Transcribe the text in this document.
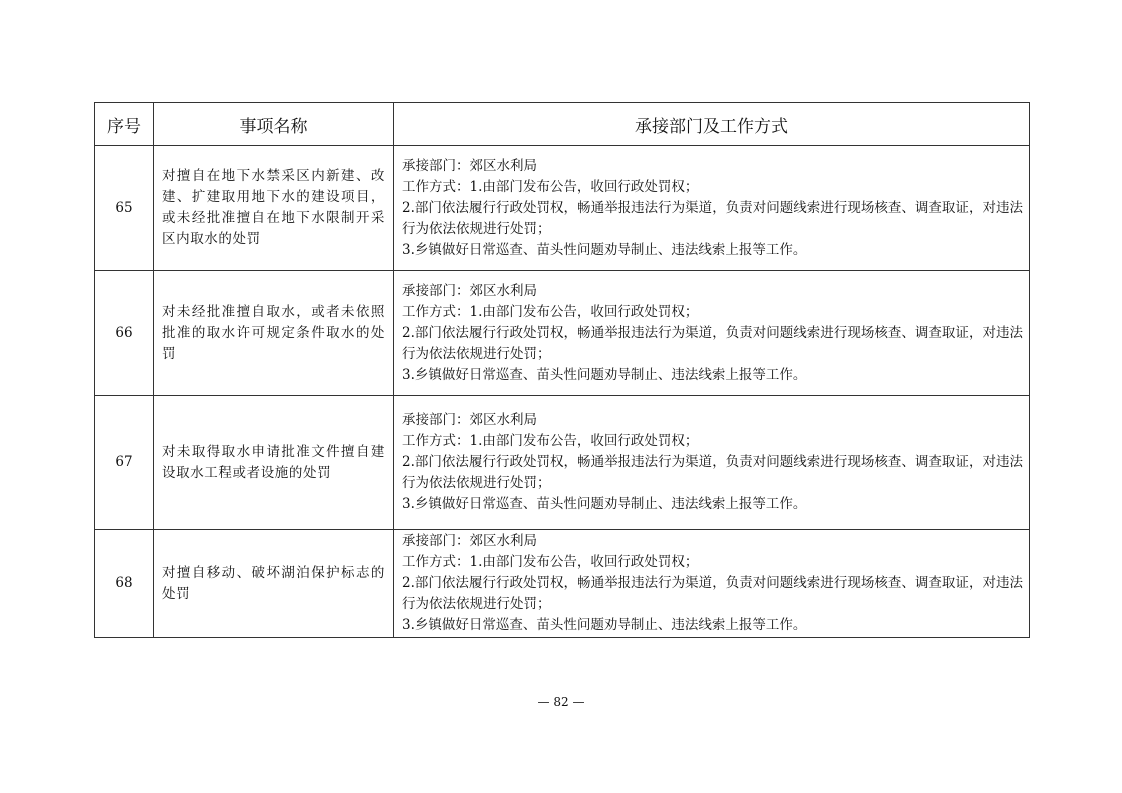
序号	事项名称	承接部门及工作方式
65	对擅自在地下水禁采区内新建、改建、扩建取用地下水的建设项目，或未经批准擅自在地下水限制开采区内取水的处罚	承接部门：郊区水利局
工作方式：1.由部门发布公告，收回行政处罚权；
2.部门依法履行行政处罚权，畅通举报违法行为渠道，负责对问题线索进行现场核查、调查取证，对违法行为依法依规进行处罚；
3.乡镇做好日常巡查、苗头性问题劝导制止、违法线索上报等工作。

66	对未经批准擅自取水，或者未依照批准的取水许可规定条件取水的处罚	承接部门：郊区水利局
工作方式：1.由部门发布公告，收回行政处罚权；
2.部门依法履行行政处罚权，畅通举报违法行为渠道，负责对问题线索进行现场核查、调查取证，对违法行为依法依规进行处罚；
3.乡镇做好日常巡查、苗头性问题劝导制止、违法线索上报等工作。

67	对未取得取水申请批准文件擅自建设取水工程或者设施的处罚	承接部门：郊区水利局
工作方式：1.由部门发布公告，收回行政处罚权；
2.部门依法履行行政处罚权，畅通举报违法行为渠道，负责对问题线索进行现场核查、调查取证，对违法行为依法依规进行处罚；
3.乡镇做好日常巡查、苗头性问题劝导制止、违法线索上报等工作。

68	对擅自移动、破坏湖泊保护标志的处罚	承接部门：郊区水利局
工作方式：1.由部门发布公告，收回行政处罚权；
2.部门依法履行行政处罚权，畅通举报违法行为渠道，负责对问题线索进行现场核查、调查取证，对违法行为依法依规进行处罚；
3.乡镇做好日常巡查、苗头性问题劝导制止、违法线索上报等工作。
— 82 —
